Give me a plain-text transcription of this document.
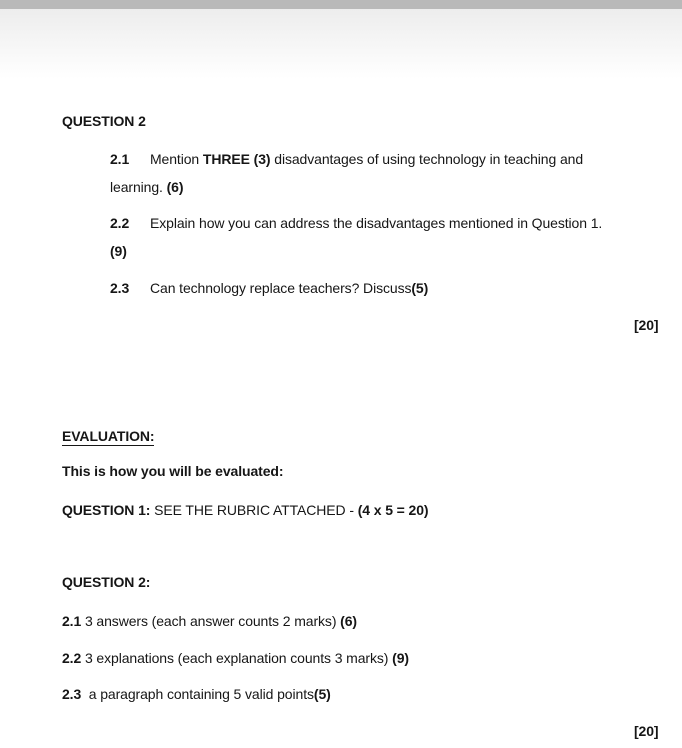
QUESTION 2
2.1 Mention THREE (3) disadvantages of using technology in teaching and
learning. (6)
2.2 Explain how you can address the disadvantages mentioned in Question 1.
(9)
2.3 Can technology replace teachers? Discuss(5)
[20]
EVALUATION:
This is how you will be evaluated:
QUESTION 1: SEE THE RUBRIC ATTACHED - (4 x 5 = 20)
QUESTION 2:
2.1 3 answers (each answer counts 2 marks) (6)
2.2 3 explanations (each explanation counts 3 marks) (9)
2.3  a paragraph containing 5 valid points(5)
[20]
